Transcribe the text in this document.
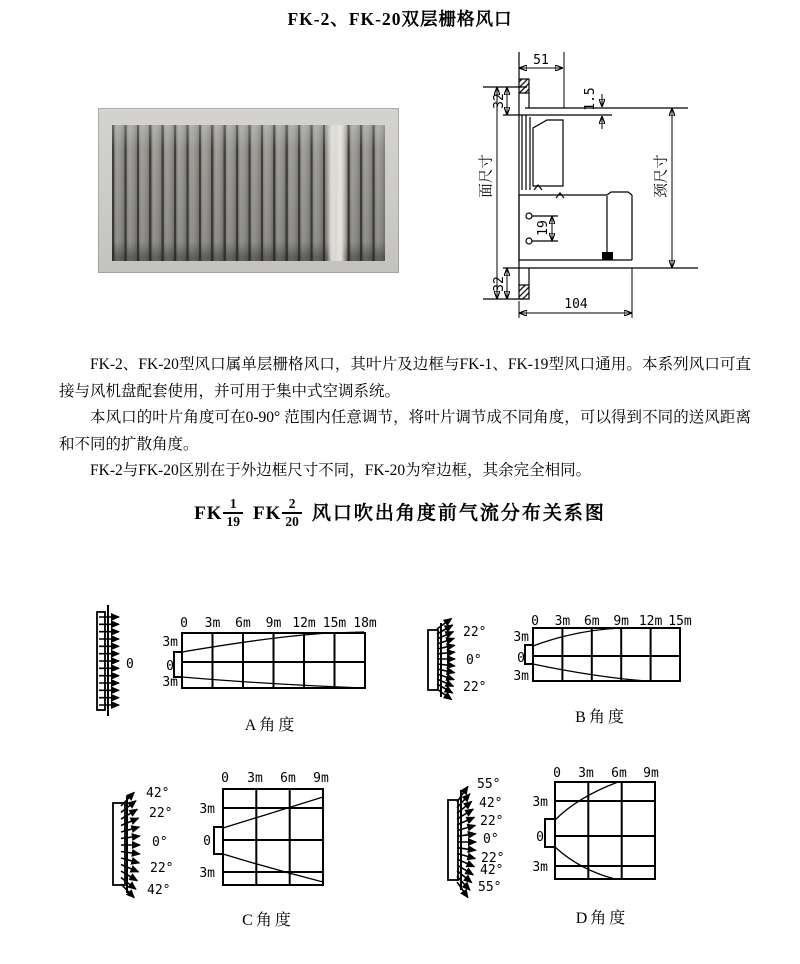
FK-2、FK-20双层栅格风口
51
32	1.5
19
32
104
面尺寸	颈尺寸

FK-2、FK-20型风口属单层栅格风口，其叶片及边框与FK-1、FK-19型风口通用。本系列风口可直接与风机盘配套使用，并可用于集中式空调系统。

本风口的叶片角度可在0-90° 范围内任意调节，将叶片调节成不同角度，可以得到不同的送风距离和不同的扩散角度。

FK-2与FK-20区别在于外边框尺寸不同，FK-20为窄边框，其余完全相同。

FK $\frac{1}{19}$ FK $\frac{2}{20}$ 风口吹出角度前气流分布关系图
0
0 3m 6m 9m 12m 15m 18m
3m
0
3m
A角度
22°
0°
22°
0 3m 6m 9m 12m 15m
3m
0
3m
B角度
42°
22°
0°
22°
42°
0 3m 6m 9m
3m
0
3m
C角度
55°
42°
22°
0°
22°
42°
55°
0 3m 6m 9m
3m
0
3m
D角度
